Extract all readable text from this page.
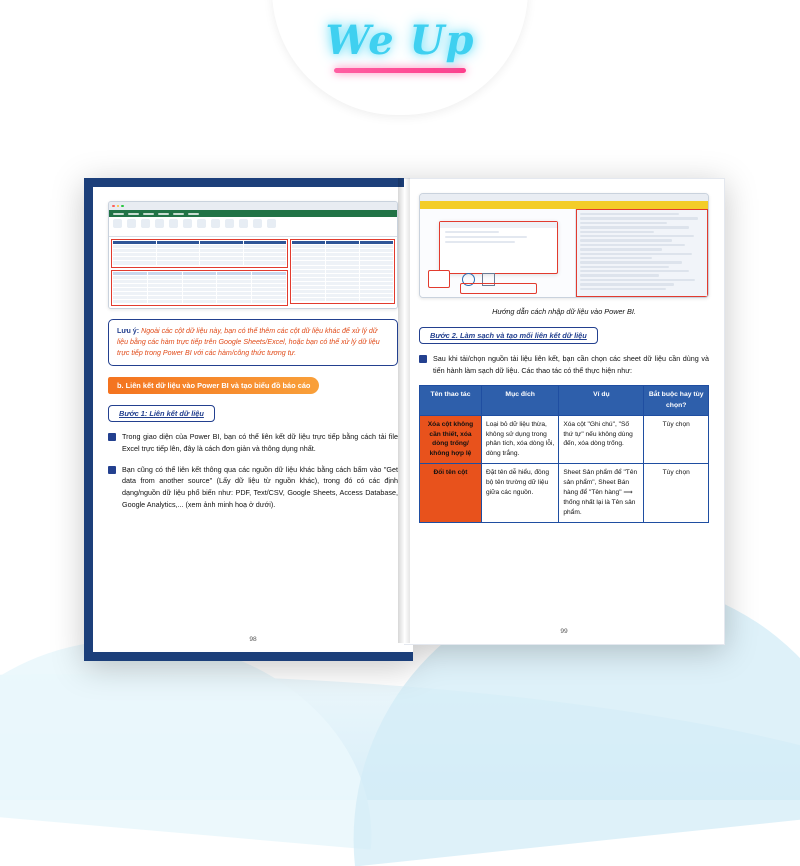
We Up
Lưu ý: Ngoài các cột dữ liệu này, bạn có thể thêm các cột dữ liệu khác để xử lý dữ liệu bằng các hàm trực tiếp trên Google Sheets/Excel, hoặc bạn có thể xử lý dữ liệu trực tiếp trong Power BI với các hàm/công thức tương tự.
b. Liên kết dữ liệu vào Power BI và tạo biểu đồ báo cáo
Bước 1: Liên kết dữ liệu
Trong giao diện của Power BI, bạn có thể liên kết dữ liệu trực tiếp bằng cách tải file Excel trực tiếp lên, đây là cách đơn giản và thông dụng nhất.
Bạn cũng có thể liên kết thông qua các nguồn dữ liệu khác bằng cách bấm vào "Get data from another source" (Lấy dữ liệu từ nguồn khác), trong đó có các định dạng/nguồn dữ liệu phổ biến như: PDF, Text/CSV, Google Sheets, Access Database, Google Analytics,... (xem ảnh minh hoạ ở dưới).
98
Hướng dẫn cách nhập dữ liệu vào Power BI.
Bước 2. Làm sạch và tạo mối liên kết dữ liệu
Sau khi tải/chọn nguồn tải liệu liên kết, bạn cần chọn các sheet dữ liệu cần dùng và tiến hành làm sạch dữ liệu. Các thao tác có thể thực hiện như:
Tên thao tác	Mục đích	Ví dụ	Bắt buộc hay tùy chọn?
Xóa cột không cần thiết, xóa dòng trống/ không hợp lệ	Loại bỏ dữ liệu thừa, không sử dụng trong phân tích, xóa dòng lỗi, dòng trắng.	Xóa cột "Ghi chú", "Số thứ tự" nếu không dùng đến, xóa dòng trống.	Tùy chọn
Đổi tên cột	Đặt tên dễ hiểu, đồng bộ tên trường dữ liệu giữa các nguồn.	Sheet Sản phẩm để "Tên sản phẩm", Sheet Bán hàng để "Tên hàng" ⟹ thống nhất lại là Tên sản phẩm.	Tùy chọn
99
